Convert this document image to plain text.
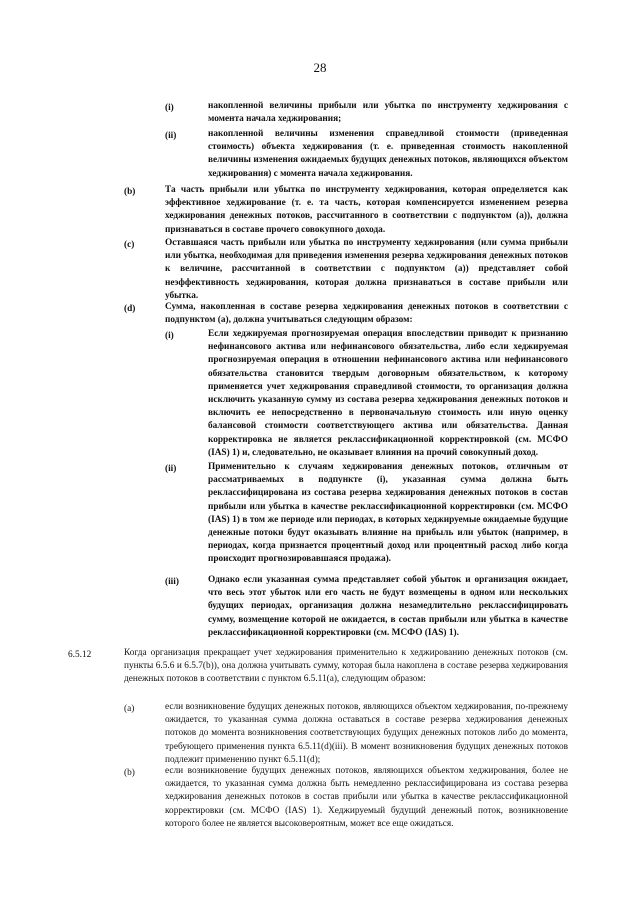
28
(i)	накопленной величины прибыли или убытка по инструменту хеджирования с момента начала хеджирования;

(ii)	накопленной величины изменения справедливой стоимости (приведенная стоимость) объекта хеджирования (т. е. приведенная стоимость накопленной величины изменения ожидаемых будущих денежных потоков, являющихся объектом хеджирования) с момента начала хеджирования.

(b)	Та часть прибыли или убытка по инструменту хеджирования, которая определяется как эффективное хеджирование (т. е. та часть, которая компенсируется изменением резерва хеджирования денежных потоков, рассчитанного в соответствии с подпунктом (а)), должна признаваться в составе прочего совокупного дохода.

(c)	Оставшаяся часть прибыли или убытка по инструменту хеджирования (или сумма прибыли или убытка, необходимая для приведения изменения резерва хеджирования денежных потоков к величине, рассчитанной в соответствии с подпунктом (а)) представляет собой неэффективность хеджирования, которая должна признаваться в составе прибыли или убытка.

(d)	Сумма, накопленная в составе резерва хеджирования денежных потоков в соответствии с подпунктом (а), должна учитываться следующим образом:

(i)	Если хеджируемая прогнозируемая операция впоследствии приводит к признанию нефинансового актива или нефинансового обязательства, либо если хеджируемая прогнозируемая операция в отношении нефинансового актива или нефинансового обязательства становится твердым договорным обязательством, к которому применяется учет хеджирования справедливой стоимости, то организация должна исключить указанную сумму из состава резерва хеджирования денежных потоков и включить ее непосредственно в первоначальную стоимость или иную оценку балансовой стоимости соответствующего актива или обязательства. Данная корректировка не является реклассификационной корректировкой (см. МСФО (IAS) 1) и, следовательно, не оказывает влияния на прочий совокупный доход.

(ii)	Применительно к случаям хеджирования денежных потоков, отличным от рассматриваемых в подпункте (i), указанная сумма должна быть реклассифицирована из состава резерва хеджирования денежных потоков в состав прибыли или убытка в качестве реклассификационной корректировки (см. МСФО (IAS) 1) в том же периоде или периодах, в которых хеджируемые ожидаемые будущие денежные потоки будут оказывать влияние на прибыль или убыток (например, в периодах, когда признается процентный доход или процентный расход либо когда происходит прогнозировавшаяся продажа).

(iii)	Однако если указанная сумма представляет собой убыток и организация ожидает, что весь этот убыток или его часть не будут возмещены в одном или нескольких будущих периодах, организация должна незамедлительно реклассифицировать сумму, возмещение которой не ожидается, в состав прибыли или убытка в качестве реклассификационной корректировки (см. МСФО (IAS) 1).

6.5.12	Когда организация прекращает учет хеджирования применительно к хеджированию денежных потоков (см. пункты 6.5.6 и 6.5.7(b)), она должна учитывать сумму, которая была накоплена в составе резерва хеджирования денежных потоков в соответствии с пунктом 6.5.11(а), следующим образом:

(a)	если возникновение будущих денежных потоков, являющихся объектом хеджирования, по-прежнему ожидается, то указанная сумма должна оставаться в составе резерва хеджирования денежных потоков до момента возникновения соответствующих будущих денежных потоков либо до момента, требующего применения пункта 6.5.11(d)(iii). В момент возникновения будущих денежных потоков подлежит применению пункт 6.5.11(d);

(b)	если возникновение будущих денежных потоков, являющихся объектом хеджирования, более не ожидается, то указанная сумма должна быть немедленно реклассифицирована из состава резерва хеджирования денежных потоков в состав прибыли или убытка в качестве реклассификационной корректировки (см. МСФО (IAS) 1). Хеджируемый будущий денежный поток, возникновение которого более не является высоковероятным, может все еще ожидаться.
